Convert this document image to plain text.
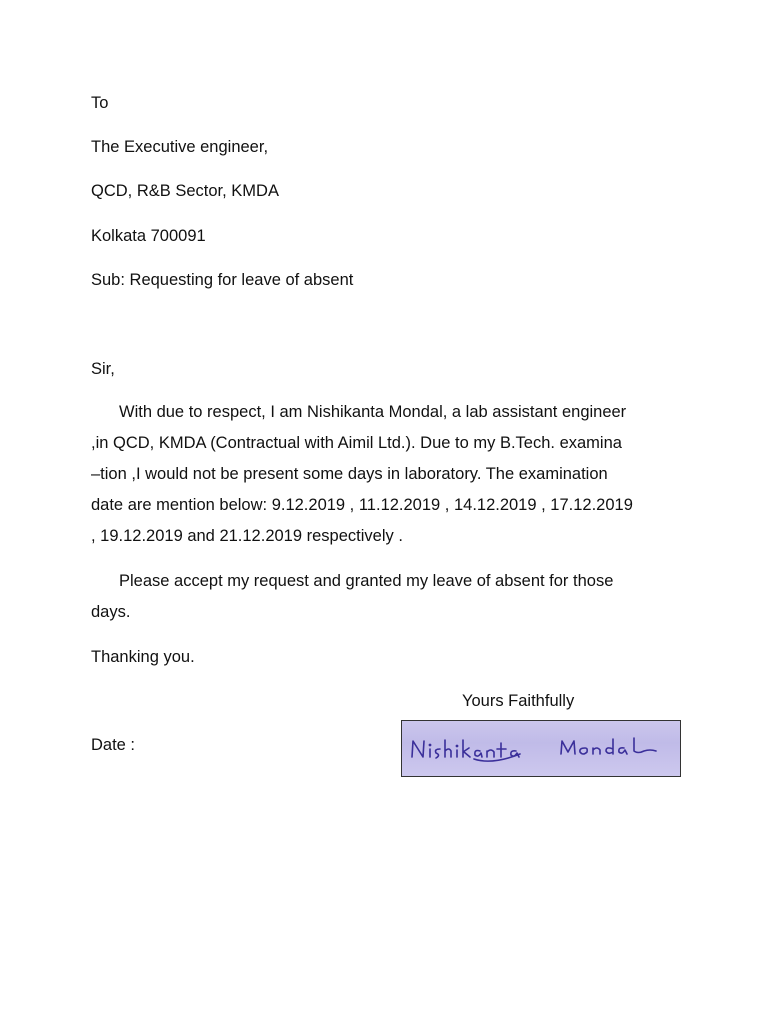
To
The Executive engineer,
QCD, R&B Sector, KMDA
Kolkata 700091
Sub: Requesting for leave of absent
Sir,
With due to respect, I am Nishikanta Mondal, a lab assistant engineer
,in QCD, KMDA (Contractual with Aimil Ltd.). Due to my B.Tech. examina
–tion ,I would not be present some days in laboratory. The examination
date are mention below: 9.12.2019 , 11.12.2019 , 14.12.2019 , 17.12.2019
, 19.12.2019 and 21.12.2019 respectively .
Please accept my request and granted my leave of absent for those
days.
Thanking you.
Yours Faithfully
Date :
